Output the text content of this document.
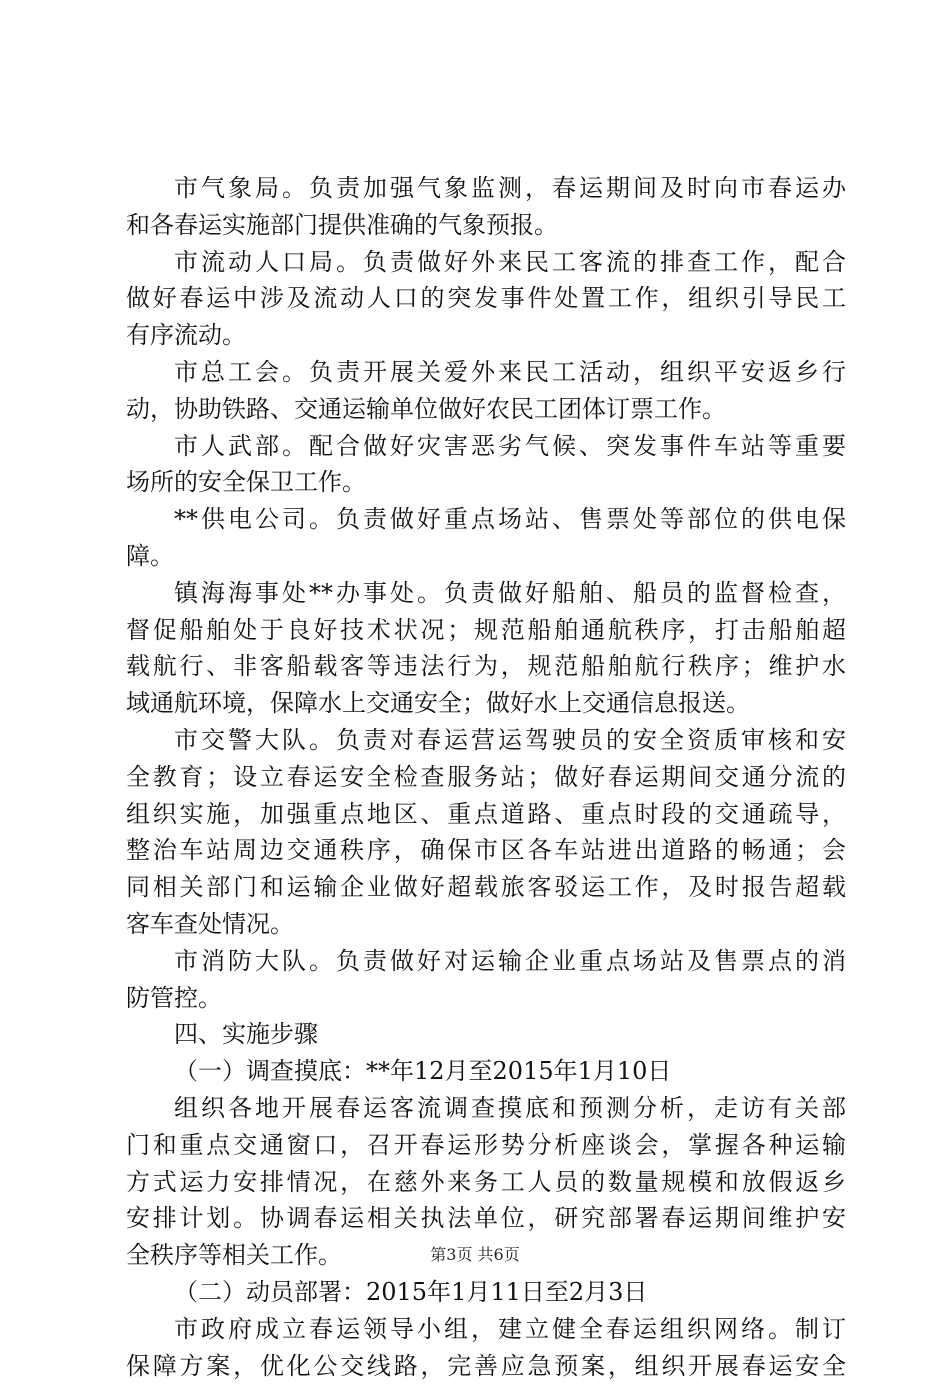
市气象局。负责加强气象监测，春运期间及时向市春运办
和各春运实施部门提供准确的气象预报。
市流动人口局。负责做好外来民工客流的排查工作，配合
做好春运中涉及流动人口的突发事件处置工作，组织引导民工
有序流动。
市总工会。负责开展关爱外来民工活动，组织平安返乡行
动，协助铁路、交通运输单位做好农民工团体订票工作。
市人武部。配合做好灾害恶劣气候、突发事件车站等重要
场所的安全保卫工作。
**供电公司。负责做好重点场站、售票处等部位的供电保
障。
镇海海事处**办事处。负责做好船舶、船员的监督检查，
督促船舶处于良好技术状况；规范船舶通航秩序，打击船舶超
载航行、非客船载客等违法行为，规范船舶航行秩序；维护水
域通航环境，保障水上交通安全；做好水上交通信息报送。
市交警大队。负责对春运营运驾驶员的安全资质审核和安
全教育；设立春运安全检查服务站；做好春运期间交通分流的
组织实施，加强重点地区、重点道路、重点时段的交通疏导，
整治车站周边交通秩序，确保市区各车站进出道路的畅通；会
同相关部门和运输企业做好超载旅客驳运工作，及时报告超载
客车查处情况。
市消防大队。负责做好对运输企业重点场站及售票点的消
防管控。
四、实施步骤
（一）调查摸底：**年12月至2015年1月10日
组织各地开展春运客流调查摸底和预测分析，走访有关部
门和重点交通窗口，召开春运形势分析座谈会，掌握各种运输
方式运力安排情况，在慈外来务工人员的数量规模和放假返乡
安排计划。协调春运相关执法单位，研究部署春运期间维护安
全秩序等相关工作。
（二）动员部署：2015年1月11日至2月3日
市政府成立春运领导小组，建立健全春运组织网络。制订
保障方案，优化公交线路，完善应急预案，组织开展春运安全
第3页 共6页
